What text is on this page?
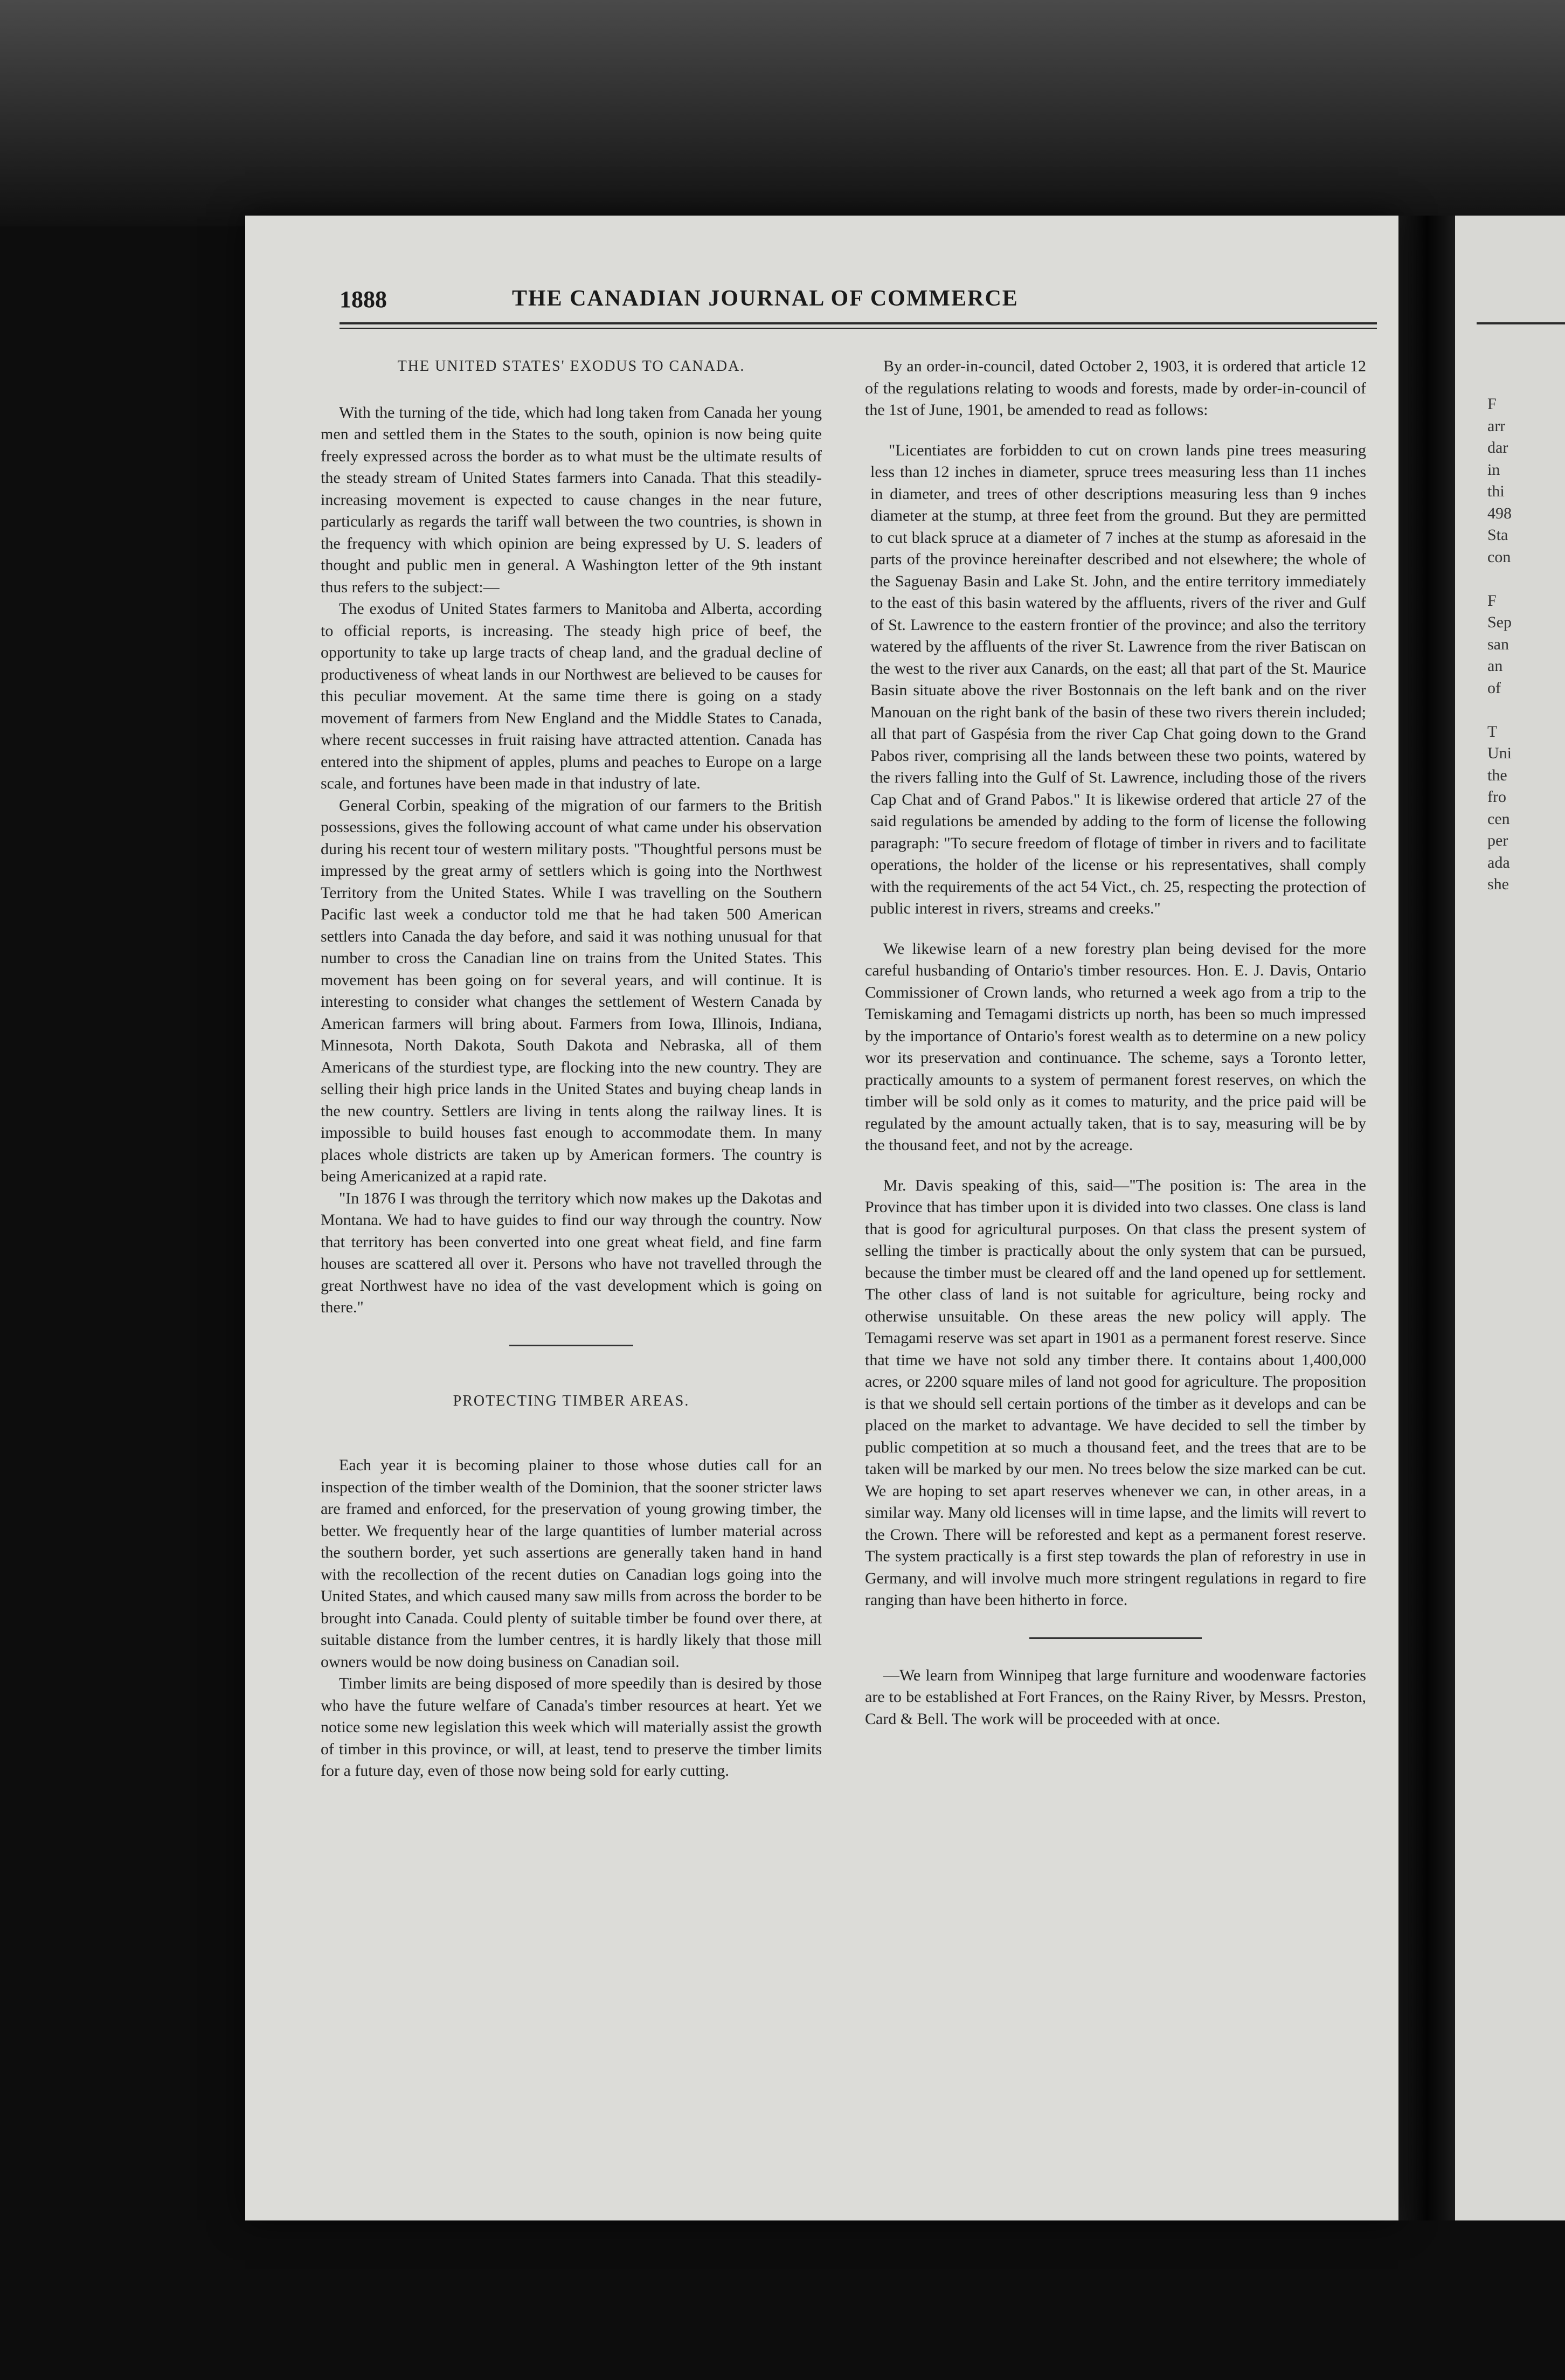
1888	THE CANADIAN JOURNAL OF COMMERCE

THE UNITED STATES' EXODUS TO CANADA.

With the turning of the tide, which had long taken from Canada her young men and settled them in the States to the south, opinion is now being quite freely expressed across the border as to what must be the ultimate results of the steady stream of United States farmers into Canada. That this steadily-increasing movement is expected to cause changes in the near future, particularly as regards the tariff wall between the two countries, is shown in the frequency with which opinion are being expressed by U. S. leaders of thought and public men in general. A Washington letter of the 9th instant thus refers to the subject:—

The exodus of United States farmers to Manitoba and Alberta, according to official reports, is increasing. The steady high price of beef, the opportunity to take up large tracts of cheap land, and the gradual decline of productiveness of wheat lands in our Northwest are believed to be causes for this peculiar movement. At the same time there is going on a stady movement of farmers from New England and the Middle States to Canada, where recent successes in fruit raising have attracted attention. Canada has entered into the shipment of apples, plums and peaches to Europe on a large scale, and fortunes have been made in that industry of late.

General Corbin, speaking of the migration of our farmers to the British possessions, gives the following account of what came under his observation during his recent tour of western military posts. "Thoughtful persons must be impressed by the great army of settlers which is going into the Northwest Territory from the United States. While I was travelling on the Southern Pacific last week a conductor told me that he had taken 500 American settlers into Canada the day before, and said it was nothing unusual for that number to cross the Canadian line on trains from the United States. This movement has been going on for several years, and will continue. It is interesting to consider what changes the settlement of Western Canada by American farmers will bring about. Farmers from Iowa, Illinois, Indiana, Minnesota, North Dakota, South Dakota and Nebraska, all of them Americans of the sturdiest type, are flocking into the new country. They are selling their high price lands in the United States and buying cheap lands in the new country. Settlers are living in tents along the railway lines. It is impossible to build houses fast enough to accommodate them. In many places whole districts are taken up by American formers. The country is being Americanized at a rapid rate.

"In 1876 I was through the territory which now makes up the Dakotas and Montana. We had to have guides to find our way through the country. Now that territory has been converted into one great wheat field, and fine farm houses are scattered all over it. Persons who have not travelled through the great Northwest have no idea of the vast development which is going on there."

PROTECTING TIMBER AREAS.

Each year it is becoming plainer to those whose duties call for an inspection of the timber wealth of the Dominion, that the sooner stricter laws are framed and enforced, for the preservation of young growing timber, the better. We frequently hear of the large quantities of lumber material across the southern border, yet such assertions are generally taken hand in hand with the recollection of the recent duties on Canadian logs going into the United States, and which caused many saw mills from across the border to be brought into Canada. Could plenty of suitable timber be found over there, at suitable distance from the lumber centres, it is hardly likely that those mill owners would be now doing business on Canadian soil.

Timber limits are being disposed of more speedily than is desired by those who have the future welfare of Canada's timber resources at heart. Yet we notice some new legislation this week which will materially assist the growth of timber in this province, or will, at least, tend to preserve the timber limits for a future day, even of those now being sold for early cutting.

By an order-in-council, dated October 2, 1903, it is ordered that article 12 of the regulations relating to woods and forests, made by order-in-council of the 1st of June, 1901, be amended to read as follows:

"Licentiates are forbidden to cut on crown lands pine trees measuring less than 12 inches in diameter, spruce trees measuring less than 11 inches in diameter, and trees of other descriptions measuring less than 9 inches diameter at the stump, at three feet from the ground. But they are permitted to cut black spruce at a diameter of 7 inches at the stump as aforesaid in the parts of the province hereinafter described and not elsewhere; the whole of the Saguenay Basin and Lake St. John, and the entire territory immediately to the east of this basin watered by the affluents, rivers of the river and Gulf of St. Lawrence to the eastern frontier of the province; and also the territory watered by the affluents of the river St. Lawrence from the river Batiscan on the west to the river aux Canards, on the east; all that part of the St. Maurice Basin situate above the river Bostonnais on the left bank and on the river Manouan on the right bank of the basin of these two rivers therein included; all that part of Gaspésia from the river Cap Chat going down to the Grand Pabos river, comprising all the lands between these two points, watered by the rivers falling into the Gulf of St. Lawrence, including those of the rivers Cap Chat and of Grand Pabos." It is likewise ordered that article 27 of the said regulations be amended by adding to the form of license the following paragraph: "To secure freedom of flotage of timber in rivers and to facilitate operations, the holder of the license or his representatives, shall comply with the requirements of the act 54 Vict., ch. 25, respecting the protection of public interest in rivers, streams and creeks."

We likewise learn of a new forestry plan being devised for the more careful husbanding of Ontario's timber resources. Hon. E. J. Davis, Ontario Commissioner of Crown lands, who returned a week ago from a trip to the Temiskaming and Temagami districts up north, has been so much impressed by the importance of Ontario's forest wealth as to determine on a new policy wor its preservation and continuance. The scheme, says a Toronto letter, practically amounts to a system of permanent forest reserves, on which the timber will be sold only as it comes to maturity, and the price paid will be regulated by the amount actually taken, that is to say, measuring will be by the thousand feet, and not by the acreage.

Mr. Davis speaking of this, said—"The position is: The area in the Province that has timber upon it is divided into two classes. One class is land that is good for agricultural purposes. On that class the present system of selling the timber is practically about the only system that can be pursued, because the timber must be cleared off and the land opened up for settlement. The other class of land is not suitable for agriculture, being rocky and otherwise unsuitable. On these areas the new policy will apply. The Temagami reserve was set apart in 1901 as a permanent forest reserve. Since that time we have not sold any timber there. It contains about 1,400,000 acres, or 2200 square miles of land not good for agriculture. The proposition is that we should sell certain portions of the timber as it develops and can be placed on the market to advantage. We have decided to sell the timber by public competition at so much a thousand feet, and the trees that are to be taken will be marked by our men. No trees below the size marked can be cut. We are hoping to set apart reserves whenever we can, in other areas, in a similar way. Many old licenses will in time lapse, and the limits will revert to the Crown. There will be reforested and kept as a permanent forest reserve. The system practically is a first step towards the plan of reforestry in use in Germany, and will involve much more stringent regulations in regard to fire ranging than have been hitherto in force.

—We learn from Winnipeg that large furniture and woodenware factories are to be established at Fort Frances, on the Rainy River, by Messrs. Preston, Card & Bell. The work will be proceeded with at once.

F
arr
dar
in
thi
498
Sta
con

F
Sep
san
an
of

T
Uni
the
fro
cen
per
ada
she
